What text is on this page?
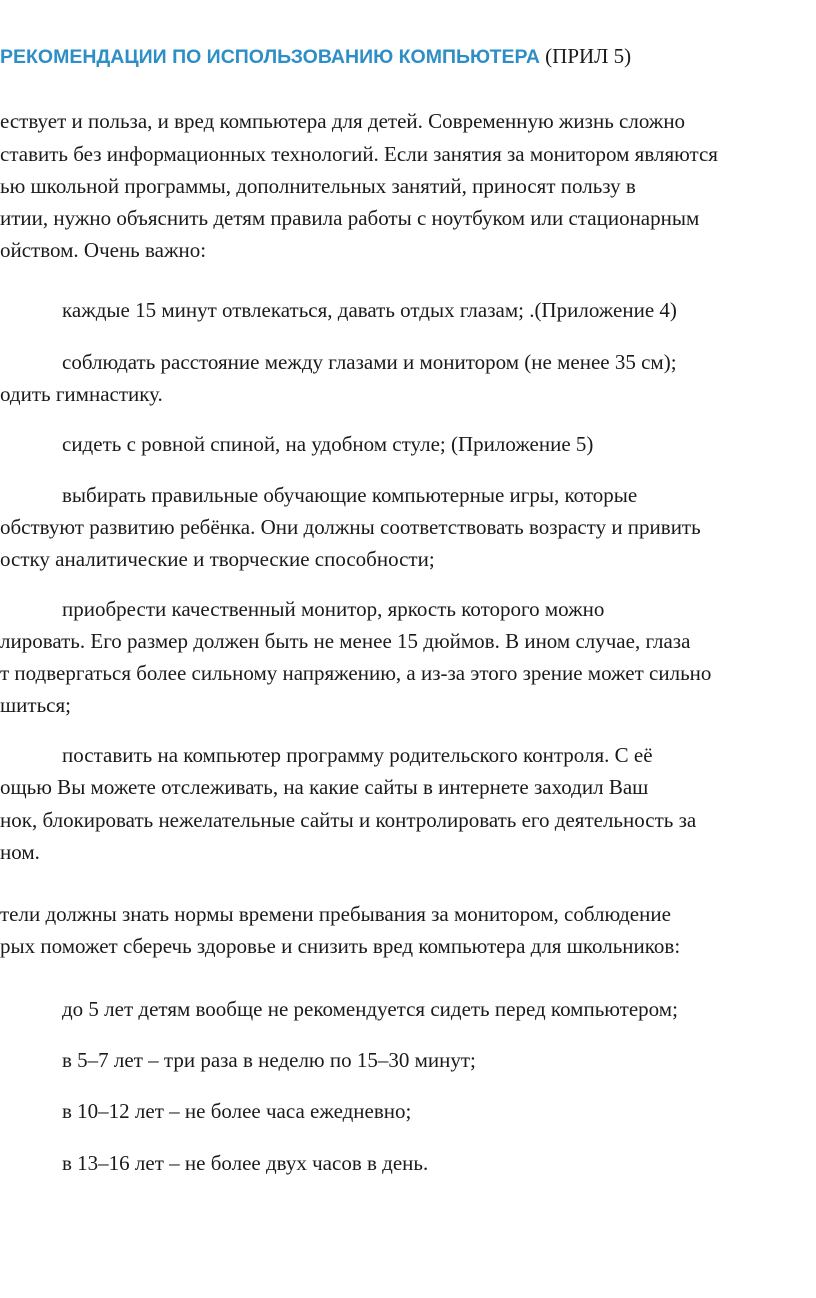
РЕКОМЕНДАЦИИ ПО ИСПОЛЬЗОВАНИЮ КОМПЬЮТЕРА (ПРИЛ 5)
ествует и польза, и вред компьютера для детей. Современную жизнь сложно
ставить без информационных технологий. Если занятия за монитором являются
ью школьной программы, дополнительных занятий, приносят пользу в
итии, нужно объяснить детям правила работы с ноутбуком или стационарным
ойством. Очень важно:
каждые 15 минут отвлекаться, давать отдых глазам; .(Приложение 4)
соблюдать расстояние между глазами и монитором (не менее 35 см);
одить гимнастику.
сидеть с ровной спиной, на удобном стуле; (Приложение 5)
выбирать правильные обучающие компьютерные игры, которые
обствуют развитию ребёнка. Они должны соответствовать возрасту и привить
остку аналитические и творческие способности;
приобрести качественный монитор, яркость которого можно
лировать. Его размер должен быть не менее 15 дюймов. В ином случае, глаза
т подвергаться более сильному напряжению, а из-за этого зрение может сильно
шиться;
поставить на компьютер программу родительского контроля. С её
ощью Вы можете отслеживать, на какие сайты в интернете заходил Ваш
нок, блокировать нежелательные сайты и контролировать его деятельность за
ном.
тели должны знать нормы времени пребывания за монитором, соблюдение
рых поможет сберечь здоровье и снизить вред компьютера для школьников:
до 5 лет детям вообще не рекомендуется сидеть перед компьютером;
в 5–7 лет – три раза в неделю по 15–30 минут;
в 10–12 лет – не более часа ежедневно;
в 13–16 лет – не более двух часов в день.
